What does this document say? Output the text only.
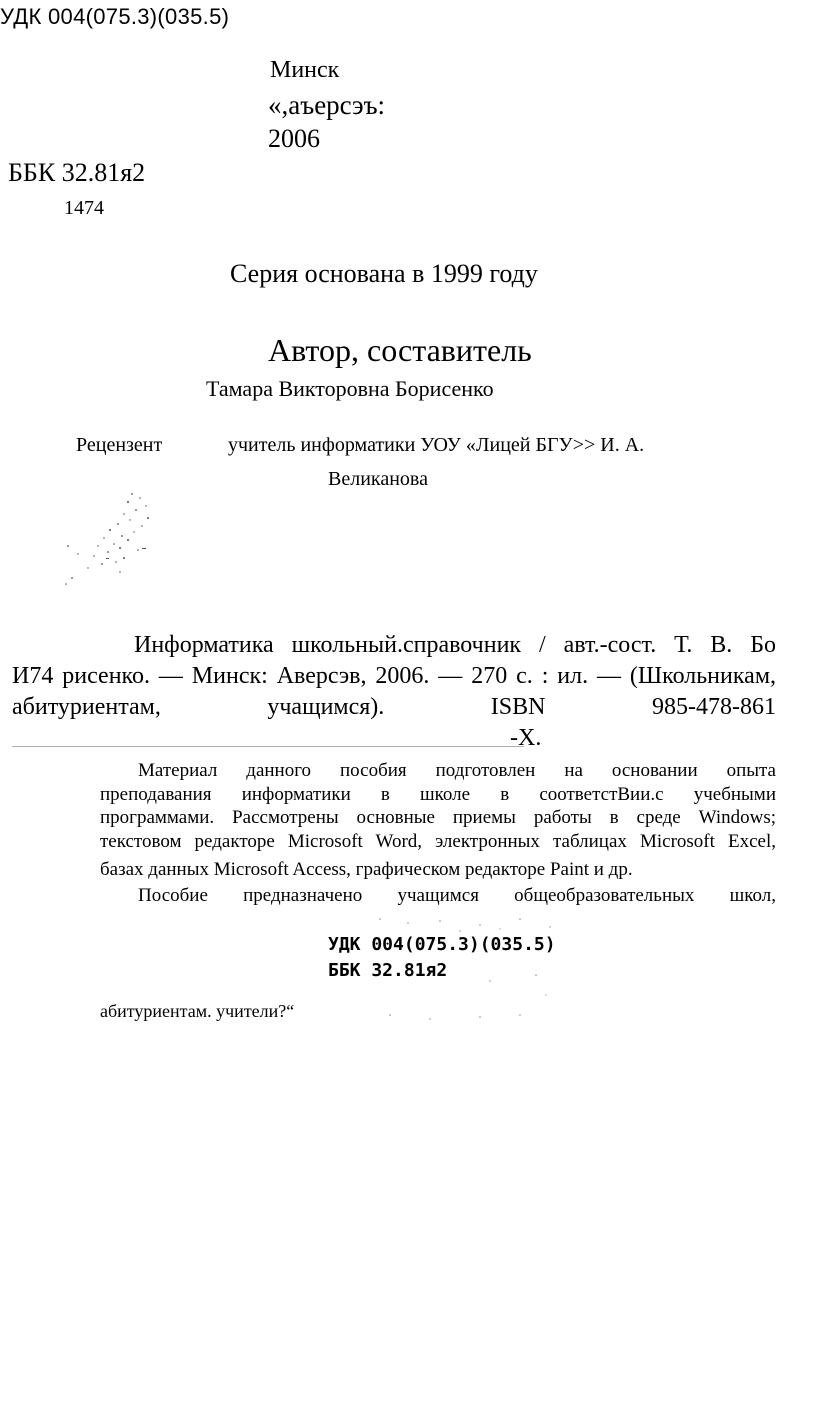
УДК 004(075.3)(035.5)
Минск
«,аъерсэъ:
2006
ББК 32.81я2
1474
Серия основана в 1999 году
Автор, составитель
Тамара Викторовна Борисенко
Рецензент	учитель информатики УОУ «Лицей БГУ>> И. А.
Великанова
Информатика школьный.справочник / авт.-сост. Т. В. Бо
И74 рисенко. — Минск: Аверсэв, 2006. — 270 с. : ил. — (Школьникам,
абитуриентам, учащимся). ISBN 985-478-861
-Х.
Материал данного пособия подготовлен на основании опыта
преподавания информатики в школе в соответстВии.с учебными
программами. Рассмотрены основные приемы работы в среде Windows;
текстовом редакторе Microsoft Word, электронных таблицах Microsoft Excel,
базах данных Microsoft Access, графическом редакторе Paint и др.
Пособие предназначено учащимся общеобразовательных школ,
УДК 004(075.3)(035.5)
ББК 32.81я2
абитуриентам. учители?“
